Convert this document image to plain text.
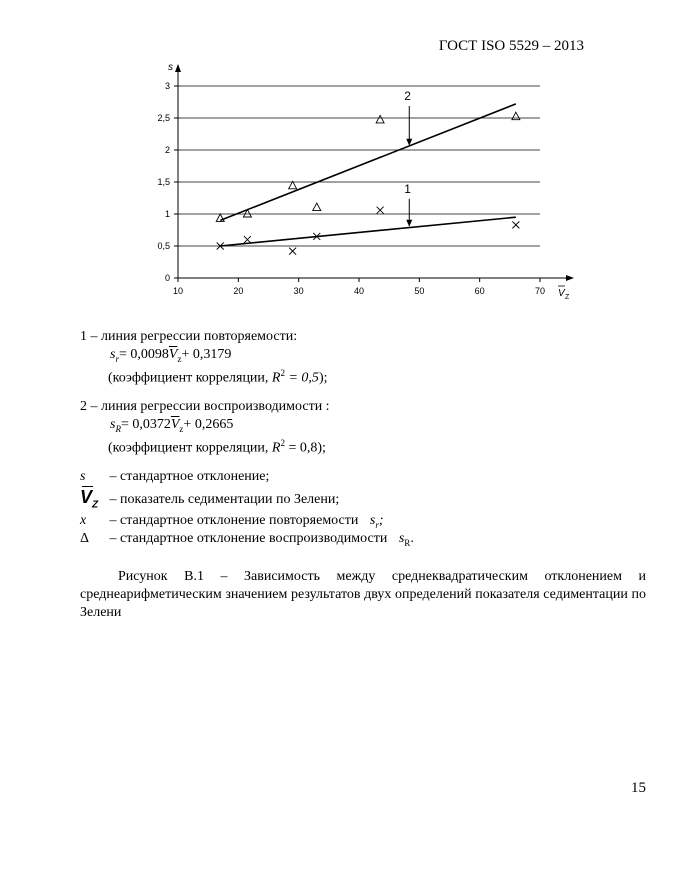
ГОСТ ISO 5529 – 2013
0
0,5
1
1,5
2
2,5
3
10	20	30	40	50	60	70
1
2
s
V Z
1 – линия регрессии повторяемости:
$s_r= 0,0098\overline{V}_z+ 0,3179$
(коэффициент корреляции, $R^2 = 0,5$);
2 – линия регрессии воспроизводимости :
$s_R= 0,0372\overline{V}_z+ 0,2665$
(коэффициент корреляции, $R^2 = 0,8$);
s – стандартное отклонение;
$V_Z$ – показатель седиментации по Зелени;
x – стандартное отклонение повторяемости $s_r$;
Δ – стандартное отклонение воспроизводимости $s_R$.
Рисунок В.1 – Зависимость между среднеквадратическим отклонением и среднеарифметическим значением результатов двух определений показателя седиментации по Зелени
15
